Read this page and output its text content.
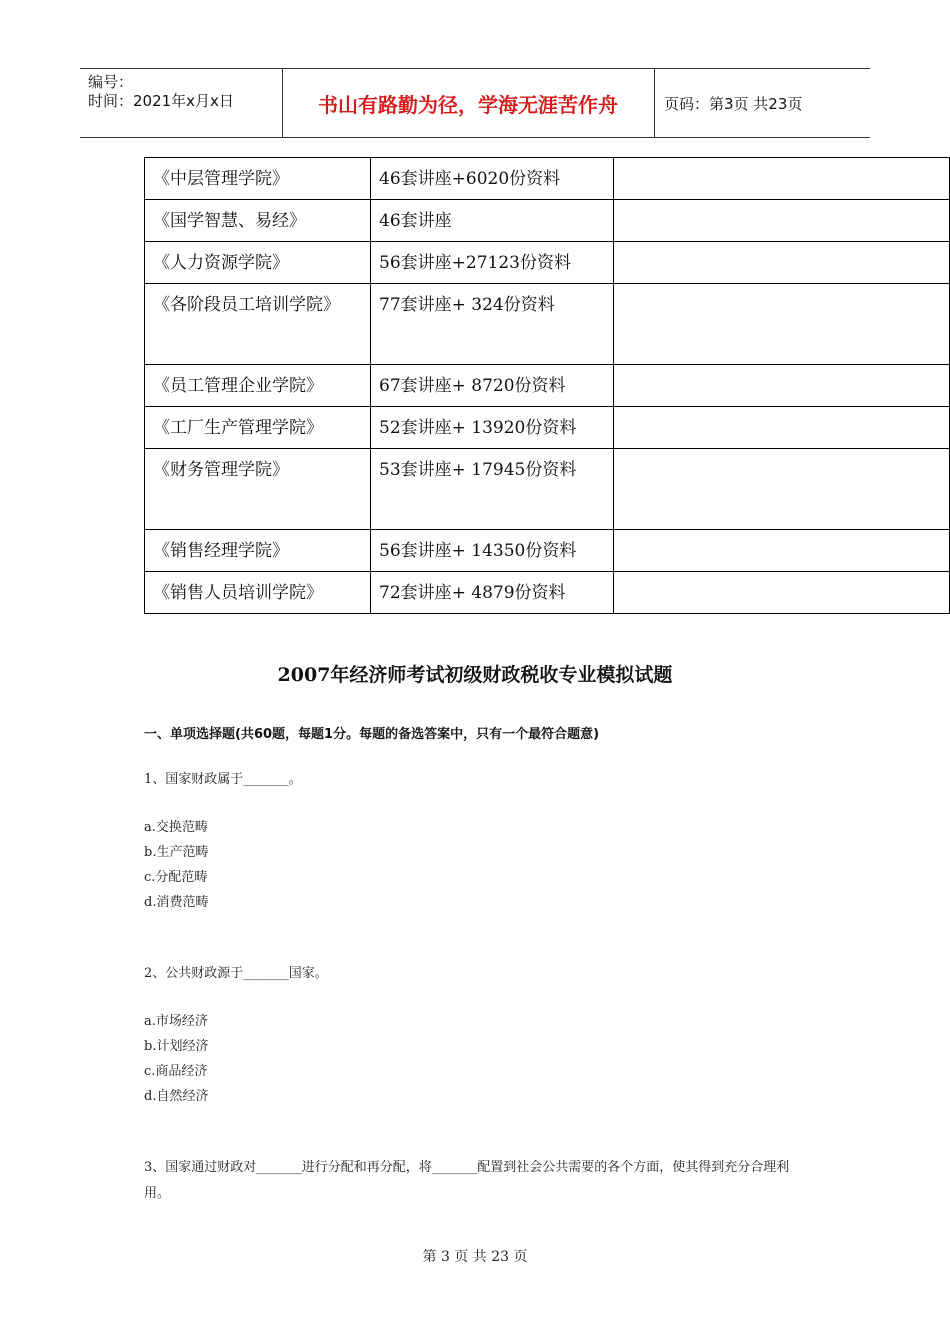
编号：
时间：2021年x月x日	书山有路勤为径，学海无涯苦作舟	页码：第3页 共23页
《中层管理学院》	46套讲座+6020份资料	
《国学智慧、易经》	46套讲座	
《人力资源学院》	56套讲座+27123份资料	
《各阶段员工培训学院》	77套讲座+ 324份资料	
《员工管理企业学院》	67套讲座+ 8720份资料	
《工厂生产管理学院》	52套讲座+ 13920份资料	
《财务管理学院》	53套讲座+ 17945份资料	
《销售经理学院》	56套讲座+ 14350份资料	
《销售人员培训学院》	72套讲座+ 4879份资料	
2007年经济师考试初级财政税收专业模拟试题
一、单项选择题(共60题，每题1分。每题的备选答案中，只有一个最符合题意)
1、国家财政属于_______。
a.交换范畴
b.生产范畴
c.分配范畴
d.消费范畴
2、公共财政源于_______国家。
a.市场经济
b.计划经济
c.商品经济
d.自然经济
3、国家通过财政对_______进行分配和再分配，将_______配置到社会公共需要的各个方面，使其得到充分合理利用。
第 3 页 共 23 页
